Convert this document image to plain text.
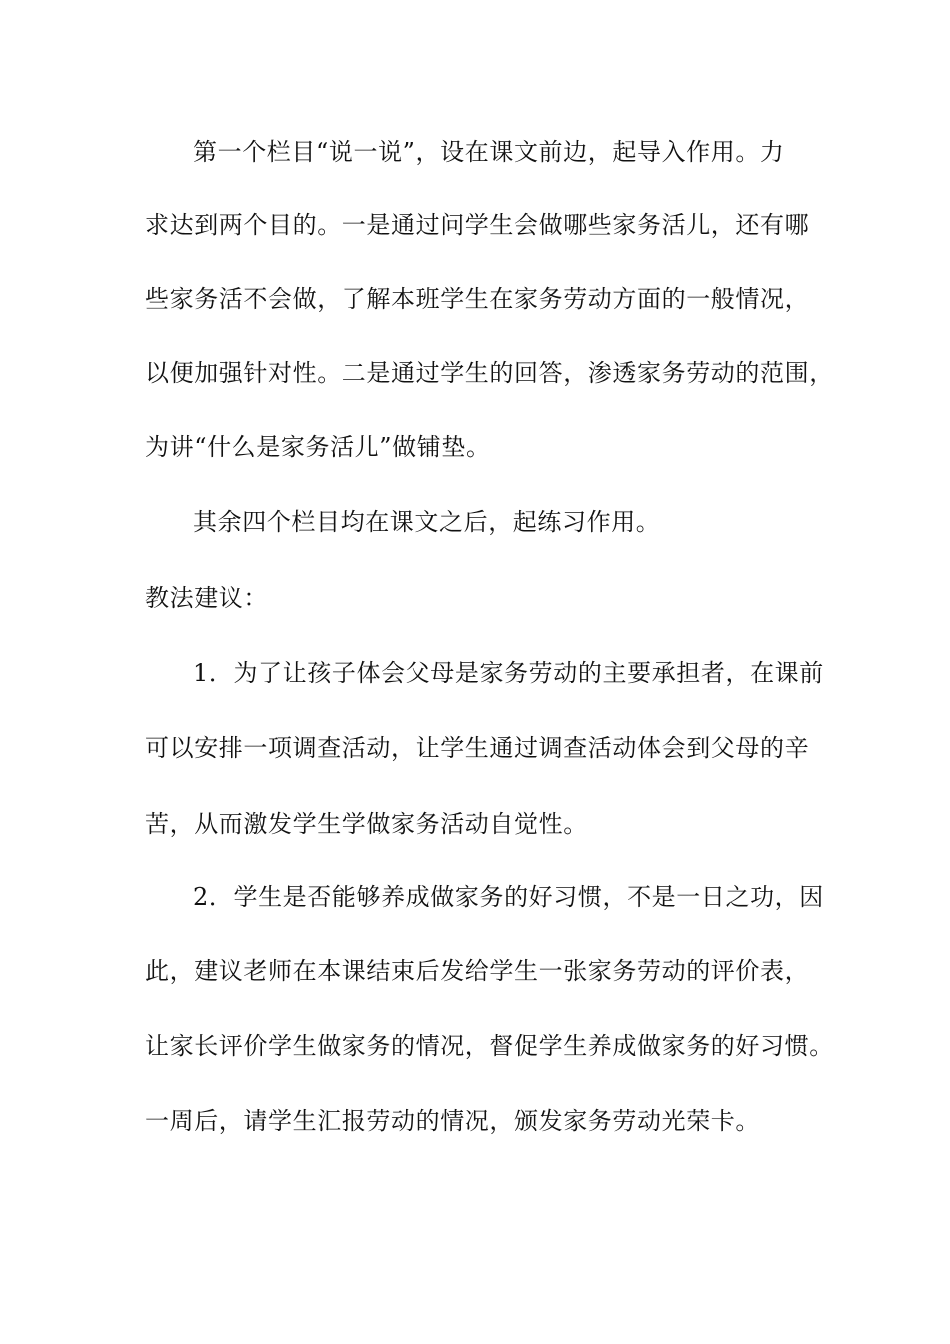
第一个栏目“说一说”，设在课文前边，起导入作用。力

求达到两个目的。一是通过问学生会做哪些家务活儿，还有哪

些家务活不会做，了解本班学生在家务劳动方面的一般情况，

以便加强针对性。二是通过学生的回答，渗透家务劳动的范围，

为讲“什么是家务活儿”做铺垫。

其余四个栏目均在课文之后，起练习作用。

教法建议：

1．为了让孩子体会父母是家务劳动的主要承担者，在课前

可以安排一项调查活动，让学生通过调查活动体会到父母的辛

苦，从而激发学生学做家务活动自觉性。

2．学生是否能够养成做家务的好习惯，不是一日之功，因

此，建议老师在本课结束后发给学生一张家务劳动的评价表，

让家长评价学生做家务的情况，督促学生养成做家务的好习惯。

一周后，请学生汇报劳动的情况，颁发家务劳动光荣卡。
